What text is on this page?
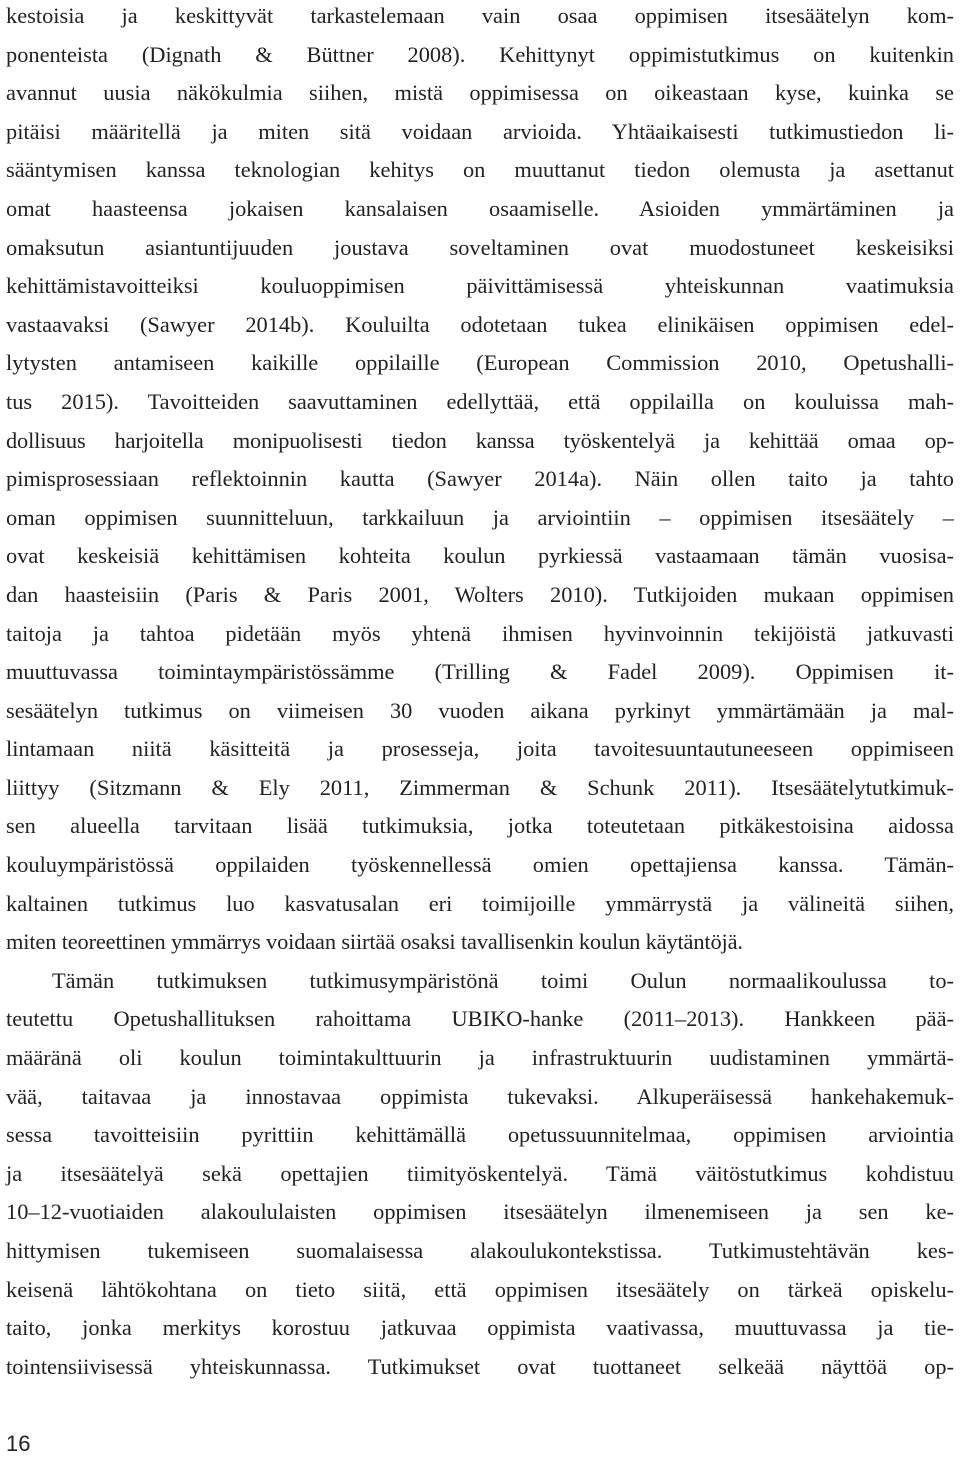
kestoisia ja keskittyvät tarkastelemaan vain osaa oppimisen itsesäätelyn kom-
ponenteista (Dignath & Büttner 2008). Kehittynyt oppimistutkimus on kuitenkin
avannut uusia näkökulmia siihen, mistä oppimisessa on oikeastaan kyse, kuinka se
pitäisi määritellä ja miten sitä voidaan arvioida. Yhtäaikaisesti tutkimustiedon li-
sääntymisen kanssa teknologian kehitys on muuttanut tiedon olemusta ja asettanut
omat haasteensa jokaisen kansalaisen osaamiselle. Asioiden ymmärtäminen ja
omaksutun asiantuntijuuden joustava soveltaminen ovat muodostuneet keskeisiksi
kehittämistavoitteiksi kouluoppimisen päivittämisessä yhteiskunnan vaatimuksia
vastaavaksi (Sawyer 2014b). Kouluilta odotetaan tukea elinikäisen oppimisen edel-
lytysten antamiseen kaikille oppilaille (European Commission 2010, Opetushalli-
tus 2015). Tavoitteiden saavuttaminen edellyttää, että oppilailla on kouluissa mah-
dollisuus harjoitella monipuolisesti tiedon kanssa työskentelyä ja kehittää omaa op-
pimisprosessiaan reflektoinnin kautta (Sawyer 2014a). Näin ollen taito ja tahto
oman oppimisen suunnitteluun, tarkkailuun ja arviointiin – oppimisen itsesäätely –
ovat keskeisiä kehittämisen kohteita koulun pyrkiessä vastaamaan tämän vuosisa-
dan haasteisiin (Paris & Paris 2001, Wolters 2010). Tutkijoiden mukaan oppimisen
taitoja ja tahtoa pidetään myös yhtenä ihmisen hyvinvoinnin tekijöistä jatkuvasti
muuttuvassa toimintaympäristössämme (Trilling & Fadel 2009). Oppimisen it-
sesäätelyn tutkimus on viimeisen 30 vuoden aikana pyrkinyt ymmärtämään ja mal-
lintamaan niitä käsitteitä ja prosesseja, joita tavoitesuuntautuneeseen oppimiseen
liittyy (Sitzmann & Ely 2011, Zimmerman & Schunk 2011). Itsesäätelytutkimuk-
sen alueella tarvitaan lisää tutkimuksia, jotka toteutetaan pitkäkestoisina aidossa
kouluympäristössä oppilaiden työskennellessä omien opettajiensa kanssa. Tämän-
kaltainen tutkimus luo kasvatusalan eri toimijoille ymmärrystä ja välineitä siihen,
miten teoreettinen ymmärrys voidaan siirtää osaksi tavallisenkin koulun käytäntöjä.
Tämän tutkimuksen tutkimusympäristönä toimi Oulun normaalikoulussa to-
teutettu Opetushallituksen rahoittama UBIKO-hanke (2011–2013). Hankkeen pää-
määränä oli koulun toimintakulttuurin ja infrastruktuurin uudistaminen ymmärtä-
vää, taitavaa ja innostavaa oppimista tukevaksi. Alkuperäisessä hankehakemuk-
sessa tavoitteisiin pyrittiin kehittämällä opetussuunnitelmaa, oppimisen arviointia
ja itsesäätelyä sekä opettajien tiimityöskentelyä. Tämä väitöstutkimus kohdistuu
10–12-vuotiaiden alakoululaisten oppimisen itsesäätelyn ilmenemiseen ja sen ke-
hittymisen tukemiseen suomalaisessa alakoulukontekstissa. Tutkimustehtävän kes-
keisenä lähtökohtana on tieto siitä, että oppimisen itsesäätely on tärkeä opiskelu-
taito, jonka merkitys korostuu jatkuvaa oppimista vaativassa, muuttuvassa ja tie-
tointensiivisessä yhteiskunnassa. Tutkimukset ovat tuottaneet selkeää näyttöä op-
16
